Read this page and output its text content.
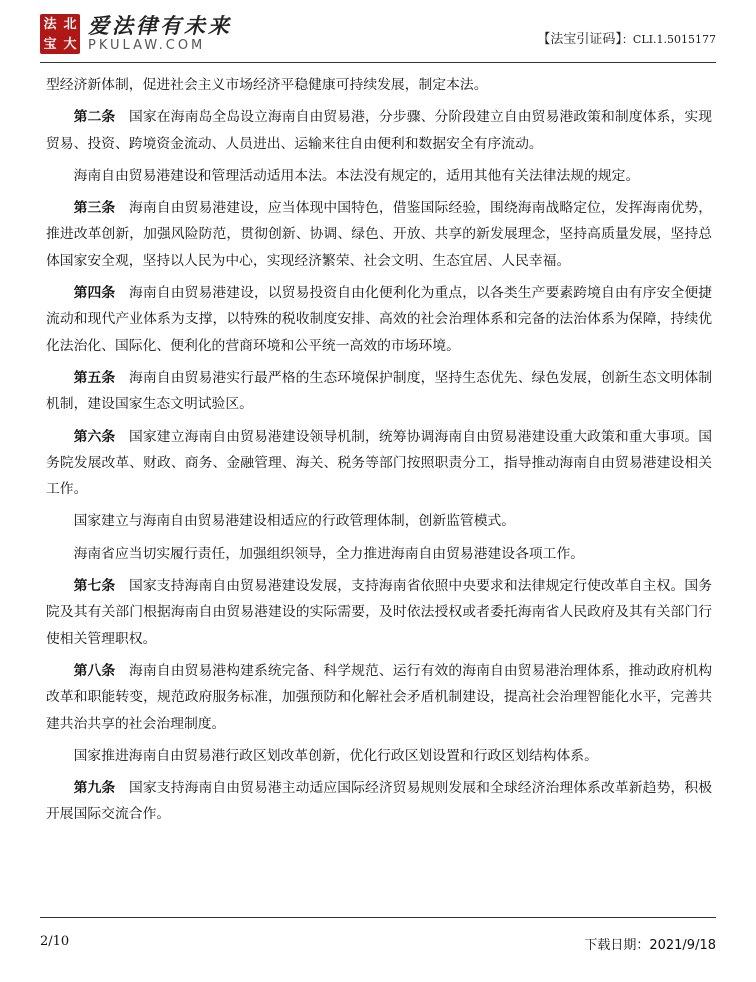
法 北
宝 大
爱法律有未来
PKULAW.COM	【法宝引证码】：CLI.1.5015177

型经济新体制，促进社会主义市场经济平稳健康可持续发展，制定本法。

第二条 国家在海南岛全岛设立海南自由贸易港，分步骤、分阶段建立自由贸易港政策和制度体系，实现贸易、投资、跨境资金流动、人员进出、运输来往自由便利和数据安全有序流动。

海南自由贸易港建设和管理活动适用本法。本法没有规定的，适用其他有关法律法规的规定。

第三条 海南自由贸易港建设，应当体现中国特色，借鉴国际经验，围绕海南战略定位，发挥海南优势，推进改革创新，加强风险防范，贯彻创新、协调、绿色、开放、共享的新发展理念，坚持高质量发展，坚持总体国家安全观，坚持以人民为中心，实现经济繁荣、社会文明、生态宜居、人民幸福。

第四条 海南自由贸易港建设，以贸易投资自由化便利化为重点，以各类生产要素跨境自由有序安全便捷流动和现代产业体系为支撑，以特殊的税收制度安排、高效的社会治理体系和完备的法治体系为保障，持续优化法治化、国际化、便利化的营商环境和公平统一高效的市场环境。

第五条 海南自由贸易港实行最严格的生态环境保护制度，坚持生态优先、绿色发展，创新生态文明体制机制，建设国家生态文明试验区。

第六条 国家建立海南自由贸易港建设领导机制，统筹协调海南自由贸易港建设重大政策和重大事项。国务院发展改革、财政、商务、金融管理、海关、税务等部门按照职责分工，指导推动海南自由贸易港建设相关工作。

国家建立与海南自由贸易港建设相适应的行政管理体制，创新监管模式。

海南省应当切实履行责任，加强组织领导，全力推进海南自由贸易港建设各项工作。

第七条 国家支持海南自由贸易港建设发展，支持海南省依照中央要求和法律规定行使改革自主权。国务院及其有关部门根据海南自由贸易港建设的实际需要，及时依法授权或者委托海南省人民政府及其有关部门行使相关管理职权。

第八条 海南自由贸易港构建系统完备、科学规范、运行有效的海南自由贸易港治理体系，推动政府机构改革和职能转变，规范政府服务标准，加强预防和化解社会矛盾机制建设，提高社会治理智能化水平，完善共建共治共享的社会治理制度。

国家推进海南自由贸易港行政区划改革创新，优化行政区划设置和行政区划结构体系。

第九条 国家支持海南自由贸易港主动适应国际经济贸易规则发展和全球经济治理体系改革新趋势，积极开展国际交流合作。

2/10	下载日期：2021/9/18
